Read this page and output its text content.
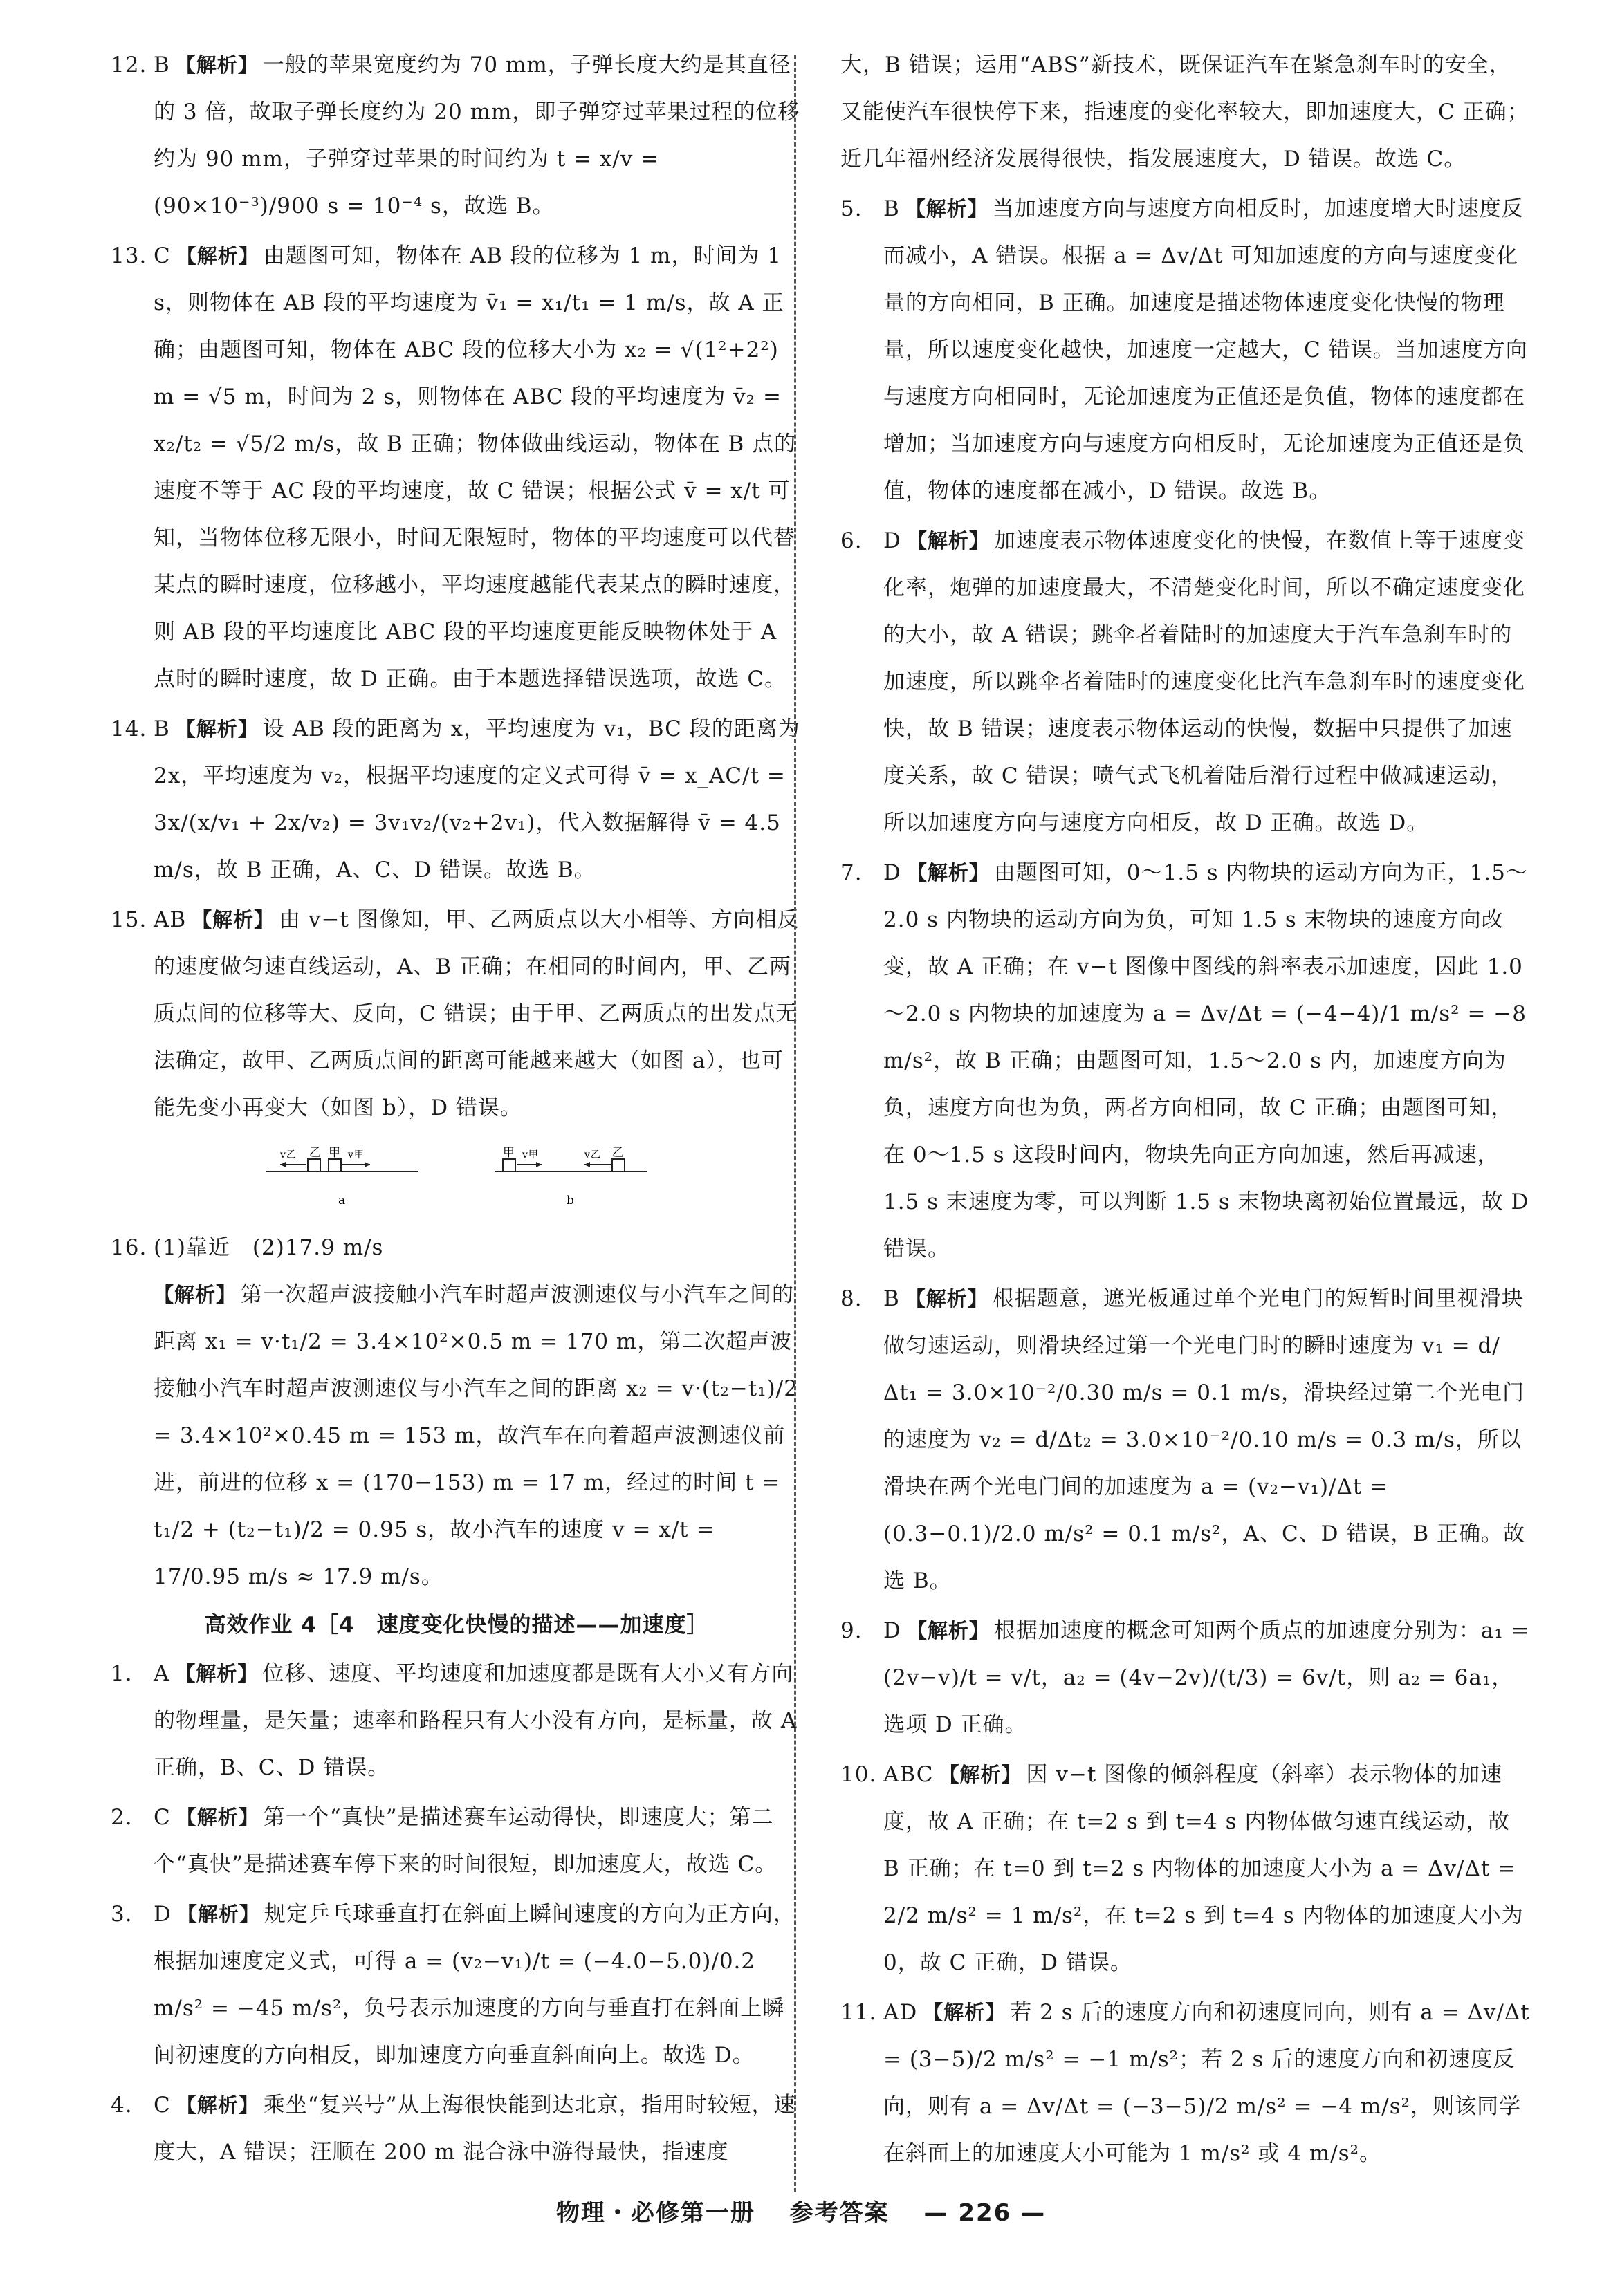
12. B 【解析】 一般的苹果宽度约为 70 mm，子弹长度大约是其直径的 3 倍，故取子弹长度约为 20 mm，即子弹穿过苹果过程的位移约为 90 mm，子弹穿过苹果的时间约为 t = x/v = (90×10⁻³)/900 s = 10⁻⁴ s，故选 B。
13. C 【解析】 由题图可知，物体在 AB 段的位移为 1 m，时间为 1 s，则物体在 AB 段的平均速度为 v̄₁ = x₁/t₁ = 1 m/s，故 A 正确；由题图可知，物体在 ABC 段的位移大小为 x₂ = √(1²+2²) m = √5 m，时间为 2 s，则物体在 ABC 段的平均速度为 v̄₂ = x₂/t₂ = √5/2 m/s，故 B 正确；物体做曲线运动，物体在 B 点的速度不等于 AC 段的平均速度，故 C 错误；根据公式 v̄ = x/t 可知，当物体位移无限小，时间无限短时，物体的平均速度可以代替某点的瞬时速度，位移越小，平均速度越能代表某点的瞬时速度，则 AB 段的平均速度比 ABC 段的平均速度更能反映物体处于 A 点时的瞬时速度，故 D 正确。由于本题选择错误选项，故选 C。
14. B 【解析】 设 AB 段的距离为 x，平均速度为 v₁，BC 段的距离为 2x，平均速度为 v₂，根据平均速度的定义式可得 v̄ = x_AC/t = 3x/(x/v₁ + 2x/v₂) = 3v₁v₂/(v₂+2v₁)，代入数据解得 v̄ = 4.5 m/s，故 B 正确，A、C、D 错误。故选 B。
15. AB 【解析】 由 v−t 图像知，甲、乙两质点以大小相等、方向相反的速度做匀速直线运动，A、B 正确；在相同的时间内，甲、乙两质点间的位移等大、反向，C 错误；由于甲、乙两质点的出发点无法确定，故甲、乙两质点间的距离可能越来越大（如图 a），也可能先变小再变大（如图 b），D 错误。
v乙 乙 甲 v甲
a
甲 v甲	v乙 乙
b
16. (1)靠近　(2)17.9 m/s
【解析】 第一次超声波接触小汽车时超声波测速仪与小汽车之间的距离 x₁ = v·t₁/2 = 3.4×10²×0.5 m = 170 m，第二次超声波接触小汽车时超声波测速仪与小汽车之间的距离 x₂ = v·(t₂−t₁)/2 = 3.4×10²×0.45 m = 153 m，故汽车在向着超声波测速仪前进，前进的位移 x = (170−153) m = 17 m，经过的时间 t = t₁/2 + (t₂−t₁)/2 = 0.95 s，故小汽车的速度 v = x/t = 17/0.95 m/s ≈ 17.9 m/s。
高效作业 4［4　速度变化快慢的描述——加速度］
1. A 【解析】 位移、速度、平均速度和加速度都是既有大小又有方向的物理量，是矢量；速率和路程只有大小没有方向，是标量，故 A 正确，B、C、D 错误。
2. C 【解析】 第一个“真快”是描述赛车运动得快，即速度大；第二个“真快”是描述赛车停下来的时间很短，即加速度大，故选 C。
3. D 【解析】 规定乒乓球垂直打在斜面上瞬间速度的方向为正方向，根据加速度定义式，可得 a = (v₂−v₁)/t = (−4.0−5.0)/0.2 m/s² = −45 m/s²，负号表示加速度的方向与垂直打在斜面上瞬间初速度的方向相反，即加速度方向垂直斜面向上。故选 D。
4. C 【解析】 乘坐“复兴号”从上海很快能到达北京，指用时较短，速度大，A 错误；汪顺在 200 m 混合泳中游得最快，指速度
大，B 错误；运用“ABS”新技术，既保证汽车在紧急刹车时的安全，又能使汽车很快停下来，指速度的变化率较大，即加速度大，C 正确；近几年福州经济发展得很快，指发展速度大，D 错误。故选 C。
5. B 【解析】 当加速度方向与速度方向相反时，加速度增大时速度反而减小，A 错误。根据 a = Δv/Δt 可知加速度的方向与速度变化量的方向相同，B 正确。加速度是描述物体速度变化快慢的物理量，所以速度变化越快，加速度一定越大，C 错误。当加速度方向与速度方向相同时，无论加速度为正值还是负值，物体的速度都在增加；当加速度方向与速度方向相反时，无论加速度为正值还是负值，物体的速度都在减小，D 错误。故选 B。
6. D 【解析】 加速度表示物体速度变化的快慢，在数值上等于速度变化率，炮弹的加速度最大，不清楚变化时间，所以不确定速度变化的大小，故 A 错误；跳伞者着陆时的加速度大于汽车急刹车时的加速度，所以跳伞者着陆时的速度变化比汽车急刹车时的速度变化快，故 B 错误；速度表示物体运动的快慢，数据中只提供了加速度关系，故 C 错误；喷气式飞机着陆后滑行过程中做减速运动，所以加速度方向与速度方向相反，故 D 正确。故选 D。
7. D 【解析】 由题图可知，0～1.5 s 内物块的运动方向为正，1.5～2.0 s 内物块的运动方向为负，可知 1.5 s 末物块的速度方向改变，故 A 正确；在 v−t 图像中图线的斜率表示加速度，因此 1.0～2.0 s 内物块的加速度为 a = Δv/Δt = (−4−4)/1 m/s² = −8 m/s²，故 B 正确；由题图可知，1.5～2.0 s 内，加速度方向为负，速度方向也为负，两者方向相同，故 C 正确；由题图可知，在 0～1.5 s 这段时间内，物块先向正方向加速，然后再减速，1.5 s 末速度为零，可以判断 1.5 s 末物块离初始位置最远，故 D 错误。
8. B 【解析】 根据题意，遮光板通过单个光电门的短暂时间里视滑块做匀速运动，则滑块经过第一个光电门时的瞬时速度为 v₁ = d/Δt₁ = 3.0×10⁻²/0.30 m/s = 0.1 m/s，滑块经过第二个光电门的速度为 v₂ = d/Δt₂ = 3.0×10⁻²/0.10 m/s = 0.3 m/s，所以滑块在两个光电门间的加速度为 a = (v₂−v₁)/Δt = (0.3−0.1)/2.0 m/s² = 0.1 m/s²，A、C、D 错误，B 正确。故选 B。
9. D 【解析】 根据加速度的概念可知两个质点的加速度分别为：a₁ = (2v−v)/t = v/t，a₂ = (4v−2v)/(t/3) = 6v/t，则 a₂ = 6a₁，选项 D 正确。
10. ABC 【解析】 因 v−t 图像的倾斜程度（斜率）表示物体的加速度，故 A 正确；在 t=2 s 到 t=4 s 内物体做匀速直线运动，故 B 正确；在 t=0 到 t=2 s 内物体的加速度大小为 a = Δv/Δt = 2/2 m/s² = 1 m/s²，在 t=2 s 到 t=4 s 内物体的加速度大小为 0，故 C 正确，D 错误。
11. AD 【解析】 若 2 s 后的速度方向和初速度同向，则有 a = Δv/Δt = (3−5)/2 m/s² = −1 m/s²；若 2 s 后的速度方向和初速度反向，则有 a = Δv/Δt = (−3−5)/2 m/s² = −4 m/s²，则该同学在斜面上的加速度大小可能为 1 m/s² 或 4 m/s²。
物理・必修第一册 参考答案 — 226 —
